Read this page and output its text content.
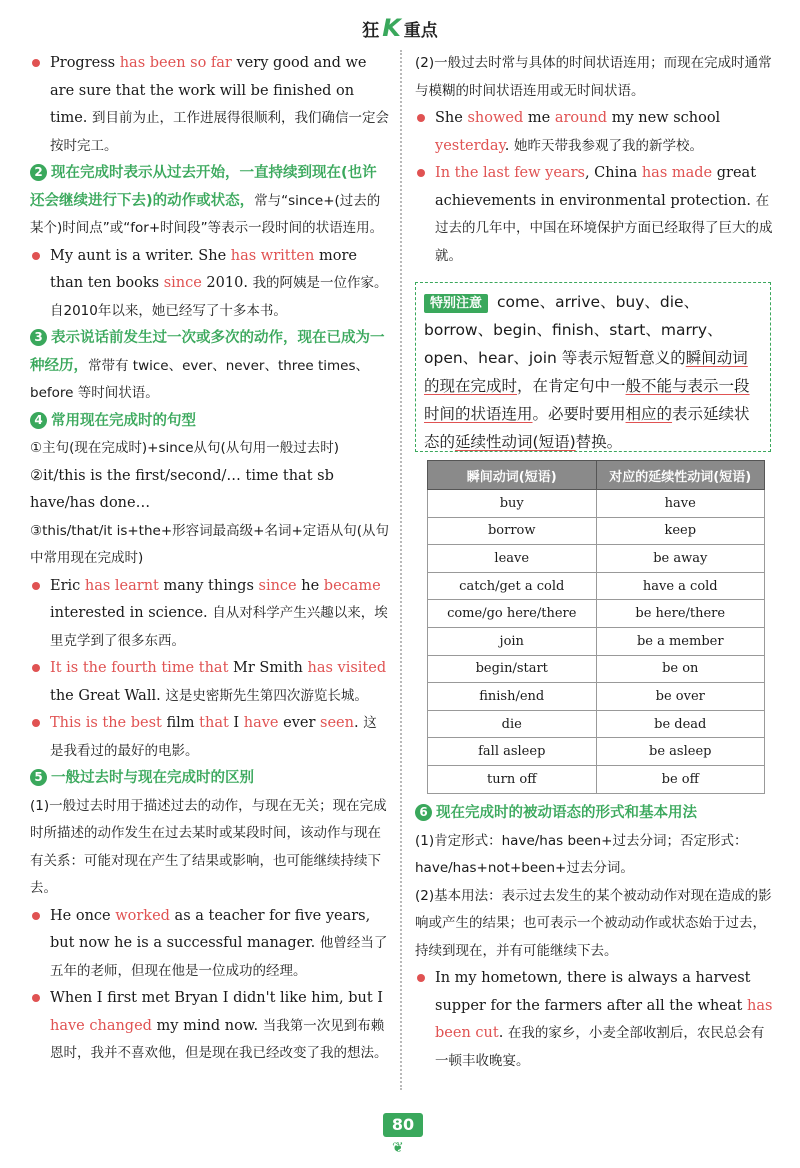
狂 K 重点

Progress has been so far very good and we are sure that the work will be finished on time. 到目前为止，工作进展得很顺利，我们确信一定会按时完工。

2 现在完成时表示从过去开始，一直持续到现在(也许还会继续进行下去)的动作或状态，常与“since+(过去的某个)时间点”或“for+时间段”等表示一段时间的状语连用。

My aunt is a writer. She has written more than ten books since 2010. 我的阿姨是一位作家。自2010年以来，她已经写了十多本书。

3 表示说话前发生过一次或多次的动作，现在已成为一种经历，常带有 twice、ever、never、three times、before 等时间状语。

4 常用现在完成时的句型

①主句(现在完成时)+since从句(从句用一般过去时)

②it/this is the first/second/… time that sb have/has done…

③this/that/it is+the+形容词最高级+名词+定语从句(从句中常用现在完成时)

Eric has learnt many things since he became interested in science. 自从对科学产生兴趣以来，埃里克学到了很多东西。

It is the fourth time that Mr Smith has visited the Great Wall. 这是史密斯先生第四次游览长城。

This is the best film that I have ever seen. 这是我看过的最好的电影。

5 一般过去时与现在完成时的区别

(1)一般过去时用于描述过去的动作，与现在无关；现在完成时所描述的动作发生在过去某时或某段时间，该动作与现在有关系：可能对现在产生了结果或影响，也可能继续持续下去。

He once worked as a teacher for five years, but now he is a successful manager. 他曾经当了五年的老师，但现在他是一位成功的经理。

When I first met Bryan I didn't like him, but I have changed my mind now. 当我第一次见到布赖恩时，我并不喜欢他，但是现在我已经改变了我的想法。

(2)一般过去时常与具体的时间状语连用；而现在完成时通常与模糊的时间状语连用或无时间状语。

She showed me around my new school yesterday. 她昨天带我参观了我的新学校。

In the last few years, China has made great achievements in environmental protection. 在过去的几年中，中国在环境保护方面已经取得了巨大的成就。

特别注意 come、arrive、buy、die、borrow、begin、finish、start、marry、open、hear、join 等表示短暂意义的瞬间动词的现在完成时，在肯定句中一般不能与表示一段时间的状语连用。必要时要用相应的表示延续状态的延续性动词(短语)替换。
瞬间动词(短语)	对应的延续性动词(短语)
buy	have
borrow	keep
leave	be away
catch/get a cold	have a cold
come/go here/there	be here/there
join	be a member
begin/start	be on
finish/end	be over
die	be dead
fall asleep	be asleep
turn off	be off

6 现在完成时的被动语态的形式和基本用法

(1)肯定形式：have/has been+过去分词；否定形式：have/has+not+been+过去分词。

(2)基本用法：表示过去发生的某个被动动作对现在造成的影响或产生的结果；也可表示一个被动动作或状态始于过去，持续到现在，并有可能继续下去。

In my hometown, there is always a harvest supper for the farmers after all the wheat has been cut. 在我的家乡，小麦全部收割后，农民总会有一顿丰收晚宴。

80
❦
